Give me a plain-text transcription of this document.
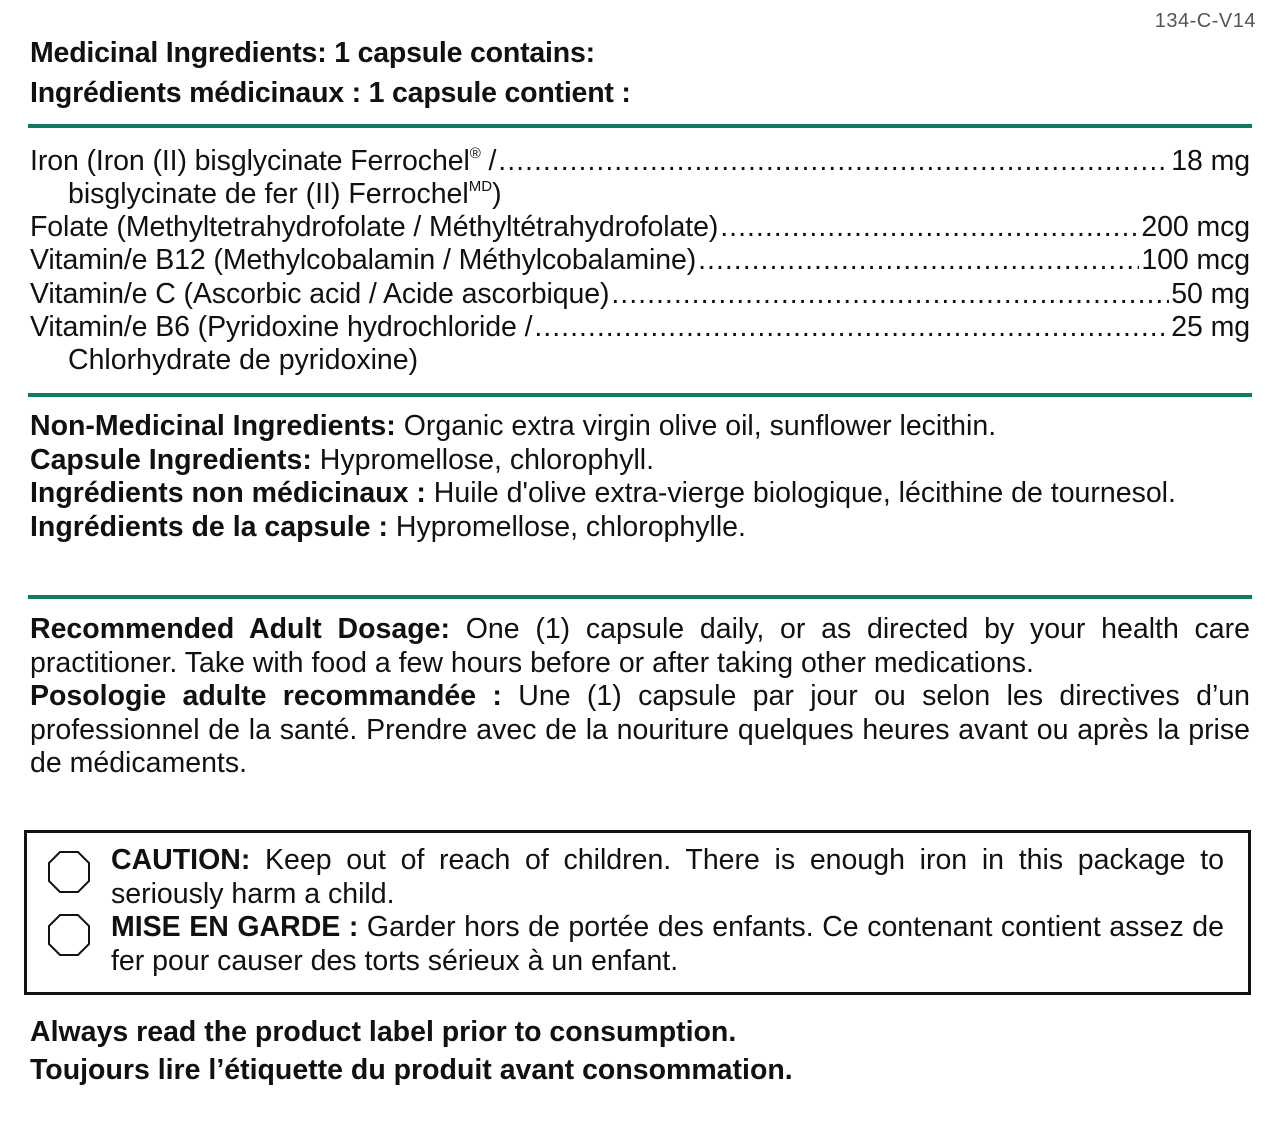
134-C-V14
Medicinal Ingredients: 1 capsule contains:
Ingrédients médicinaux : 1 capsule contient :
Iron (Iron (II) bisglycinate Ferrochel® / .....	18 mg
bisglycinate de fer (II) Ferrochel$^{MD}$)
Folate (Methyltetrahydrofolate / Méthyltétrahydrofolate) .....	200 mcg
Vitamin/e B12 (Methylcobalamin / Méthylcobalamine) .....	100 mcg
Vitamin/e C (Ascorbic acid / Acide ascorbique) .....	50 mg
Vitamin/e B6 (Pyridoxine hydrochloride / .....	25 mg
Chlorhydrate de pyridoxine)
Non-Medicinal Ingredients: Organic extra virgin olive oil, sunflower lecithin.
Capsule Ingredients: Hypromellose, chlorophyll.
Ingrédients non médicinaux : Huile d'olive extra-vierge biologique, lécithine de tournesol.
Ingrédients de la capsule : Hypromellose, chlorophylle.
Recommended Adult Dosage: One (1) capsule daily, or as directed by your health care practitioner. Take with food a few hours before or after taking other medications.
Posologie adulte recommandée : Une (1) capsule par jour ou selon les directives d’un professionnel de la santé. Prendre avec de la nouriture quelques heures avant ou après la prise de médicaments.
CAUTION: Keep out of reach of children. There is enough iron in this package to seriously harm a child.
MISE EN GARDE : Garder hors de portée des enfants. Ce contenant contient assez de fer pour causer des torts sérieux à un enfant.
Always read the product label prior to consumption.
Toujours lire l’étiquette du produit avant consommation.
